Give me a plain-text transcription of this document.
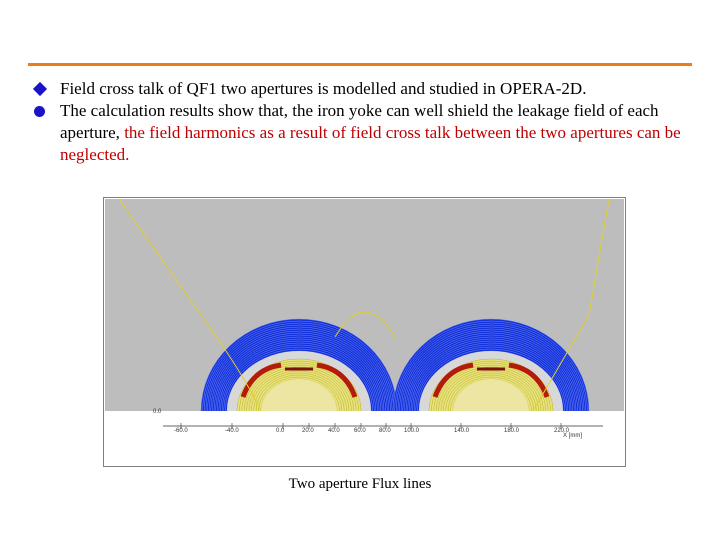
Field cross talk of QF1 two apertures is modelled and studied in OPERA-2D.
The calculation results show that, the iron yoke can well shield the leakage field of each aperture, the field harmonics as a result of field cross talk between the two apertures can be neglected.
0.0
-60.0	-40.0	0.0	20.0 40.0 60.0 80.0 100.0	140.0	180.0	220.0
X [mm]
Two aperture Flux lines
